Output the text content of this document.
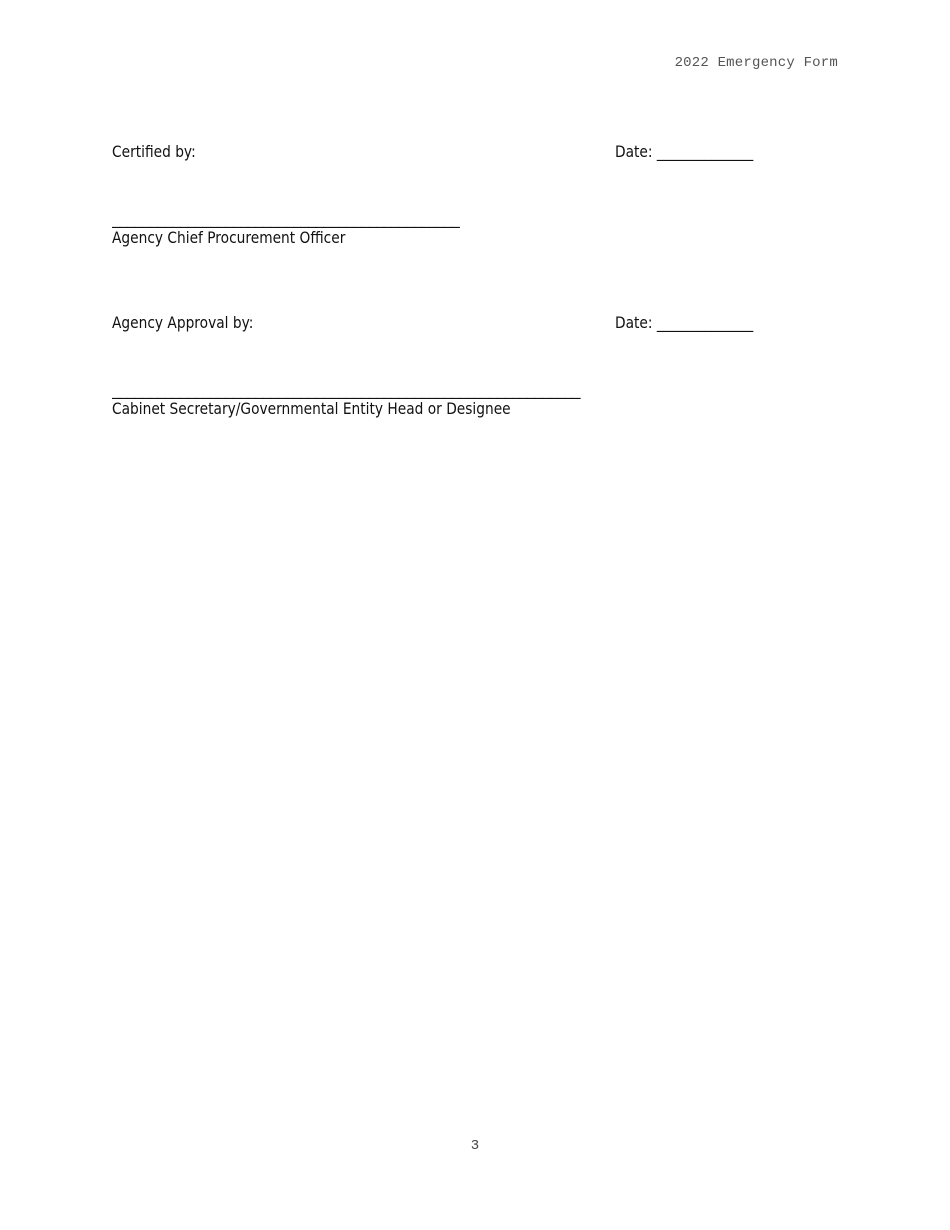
2022 Emergency Form
Certified by:	Date: ______________
______________________________________________
Agency Chief Procurement Officer
Agency Approval by:	Date: ______________
______________________________________________________________
Cabinet Secretary/Governmental Entity Head or Designee
3
